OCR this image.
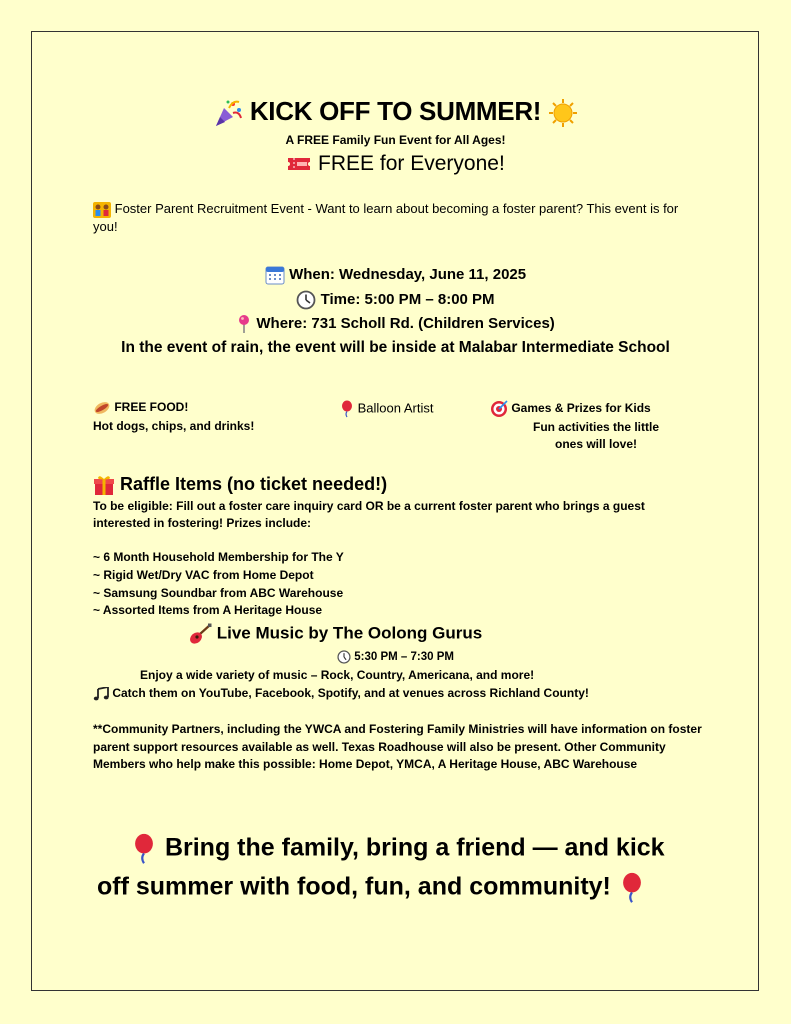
KICK OFF TO SUMMER!
A FREE Family Fun Event for All Ages!
FREE for Everyone!
Foster Parent Recruitment Event - Want to learn about becoming a foster parent? This event is for you!
When: Wednesday, June 11, 2025
Time: 5:00 PM – 8:00 PM
Where: 731 Scholl Rd. (Children Services)
In the event of rain, the event will be inside at Malabar Intermediate School
FREE FOOD!
Hot dogs, chips, and drinks!
Balloon Artist	Games & Prizes for Kids
Fun activities the little ones will love!
Raffle Items (no ticket needed!)
To be eligible: Fill out a foster care inquiry card OR be a current foster parent who brings a guest interested in fostering! Prizes include:
~ 6 Month Household Membership for The Y
~ Rigid Wet/Dry VAC from Home Depot
~ Samsung Soundbar from ABC Warehouse
~ Assorted Items from A Heritage House
Live Music by The Oolong Gurus
5:30 PM – 7:30 PM
Enjoy a wide variety of music – Rock, Country, Americana, and more!
Catch them on YouTube, Facebook, Spotify, and at venues across Richland County!
**Community Partners, including the YWCA and Fostering Family Ministries will have information on foster parent support resources available as well. Texas Roadhouse will also be present. Other Community Members who help make this possible: Home Depot, YMCA, A Heritage House, ABC Warehouse
Bring the family, bring a friend — and kick
off summer with food, fun, and community!
